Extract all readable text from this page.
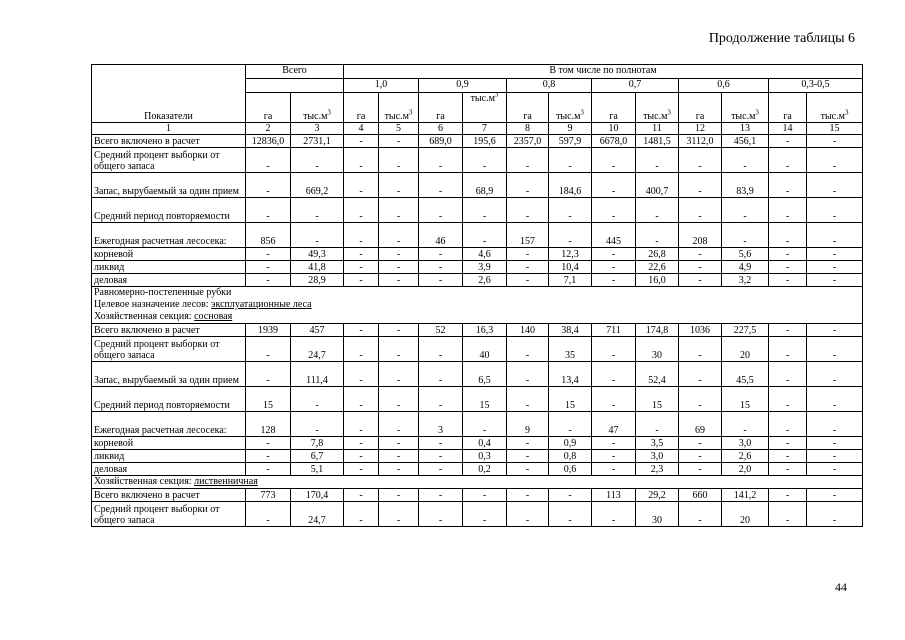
Продолжение таблицы 6
Показатели	Всего		В том числе по полнотам											
			1,0		0,9		0,8		0,7		0,6		0,3-0,5	
	га	$тыс.м^3$	га	$тыс.м^3$	га	$тыс.м^3$	га	$тыс.м^3$	га	$тыс.м^3$	га	$тыс.м^3$	га	$тыс.м^3$
1	2	3	4	5	6	7	8	9	10	11	12	13	14	15
Всего включено в расчет	12836,0	2731,1	-	-	689,0	195,6	2357,0	597,9	6678,0	1481,5	3112,0	456,1	-	-
Средний процент выборки от общего запаса	-	-	-	-	-	-	-	-	-	-	-	-	-	-
Запас, вырубаемый за один прием	-	669,2	-	-	-	68,9	-	184,6	-	400,7	-	83,9	-	-
Средний период повторяемости	-	-	-	-	-	-	-	-	-	-	-	-	-	-
Ежегодная расчетная лесосека:	856	-	-	-	46	-	157	-	445	-	208	-	-	-
корневой	-	49,3	-	-	-	4,6	-	12,3	-	26,8	-	5,6	-	-
ликвид	-	41,8	-	-	-	3,9	-	10,4	-	22,6	-	4,9	-	-
деловая	-	28,9	-	-	-	2,6	-	7,1	-	16,0	-	3,2	-	-

Равномерно-постепенные рубки
Целевое назначение лесов: эксплуатационные леса
Хозяйственная секция: сосновая														

Всего включено в расчет	1939	457	-	-	52	16,3	140	38,4	711	174,8	1036	227,5	-	-
Средний процент выборки от общего запаса	-	24,7	-	-	-	40	-	35	-	30	-	20	-	-
Запас, вырубаемый за один прием	-	111,4	-	-	-	6,5	-	13,4	-	52,4	-	45,5	-	-
Средний период повторяемости	15	-	-	-	-	15	-	15	-	15	-	15	-	-
Ежегодная расчетная лесосека:	128	-	-	-	3	-	9	-	47	-	69	-	-	-
корневой	-	7,8	-	-	-	0,4	-	0,9	-	3,5	-	3,0	-	-
ликвид	-	6,7	-	-	-	0,3	-	0,8	-	3,0	-	2,6	-	-
деловая	-	5,1	-	-	-	0,2	-	0,6	-	2,3	-	2,0	-	-

Хозяйственная секция: лиственничная														

Всего включено в расчет	773	170,4	-	-	-	-	-	-	113	29,2	660	141,2	-	-
Средний процент выборки от общего запаса	-	24,7	-	-	-	-	-	-	-	30	-	20	-	-
44
